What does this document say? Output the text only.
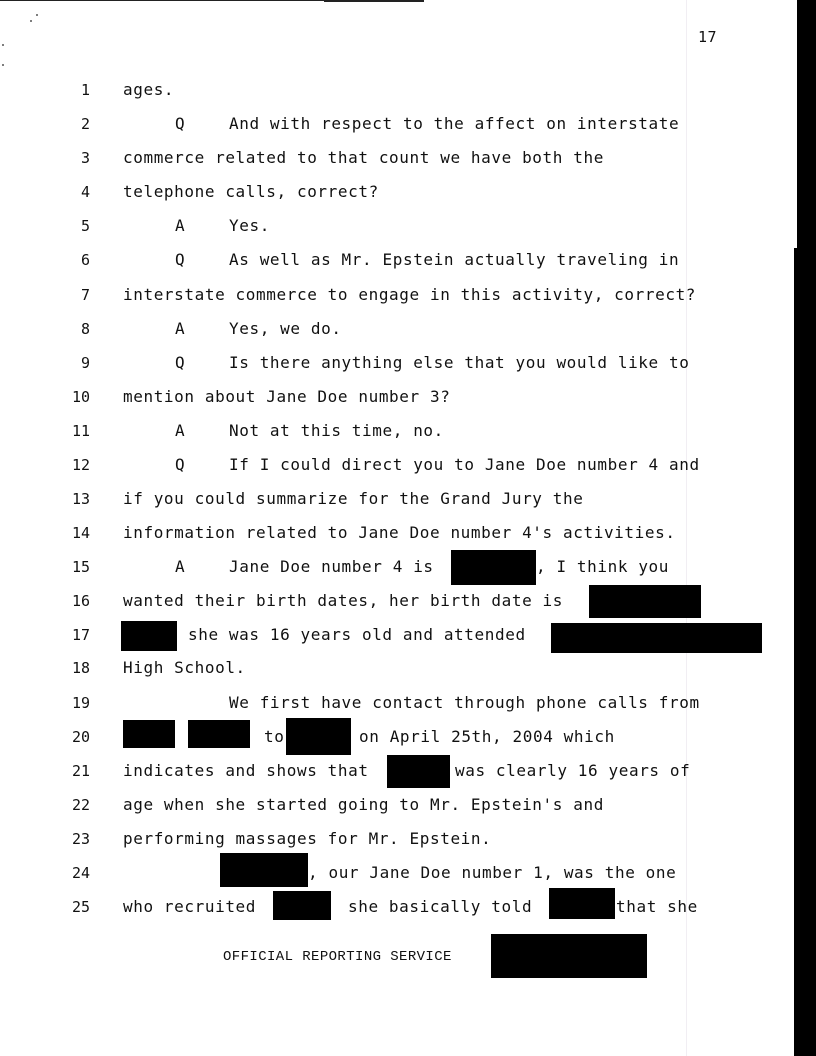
17
1 ages.
2	Q	And with respect to the affect on interstate
3 commerce related to that count we have both the
4 telephone calls, correct?
5	A	Yes.
6	Q	As well as Mr. Epstein actually traveling in
7 interstate commerce to engage in this activity, correct?
8	A	Yes, we do.
9	Q	Is there anything else that you would like to
10 mention about Jane Doe number 3?
11	A	Not at this time, no.
12	Q	If I could direct you to Jane Doe number 4 and
13 if you could summarize for the Grand Jury the
14 information related to Jane Doe number 4's activities.
15	A	Jane Doe number 4 is	, I think you
16 wanted their birth dates, her birth date is
17	she was 16 years old and attended
18 High School.
19	We first have contact through phone calls from
20	to	on April 25th, 2004 which
21 indicates and shows that	was clearly 16 years of
22 age when she started going to Mr. Epstein's and
23 performing massages for Mr. Epstein.
24	, our Jane Doe number 1, was the one
25 who recruited	she basically told	that she
OFFICIAL REPORTING SERVICE
